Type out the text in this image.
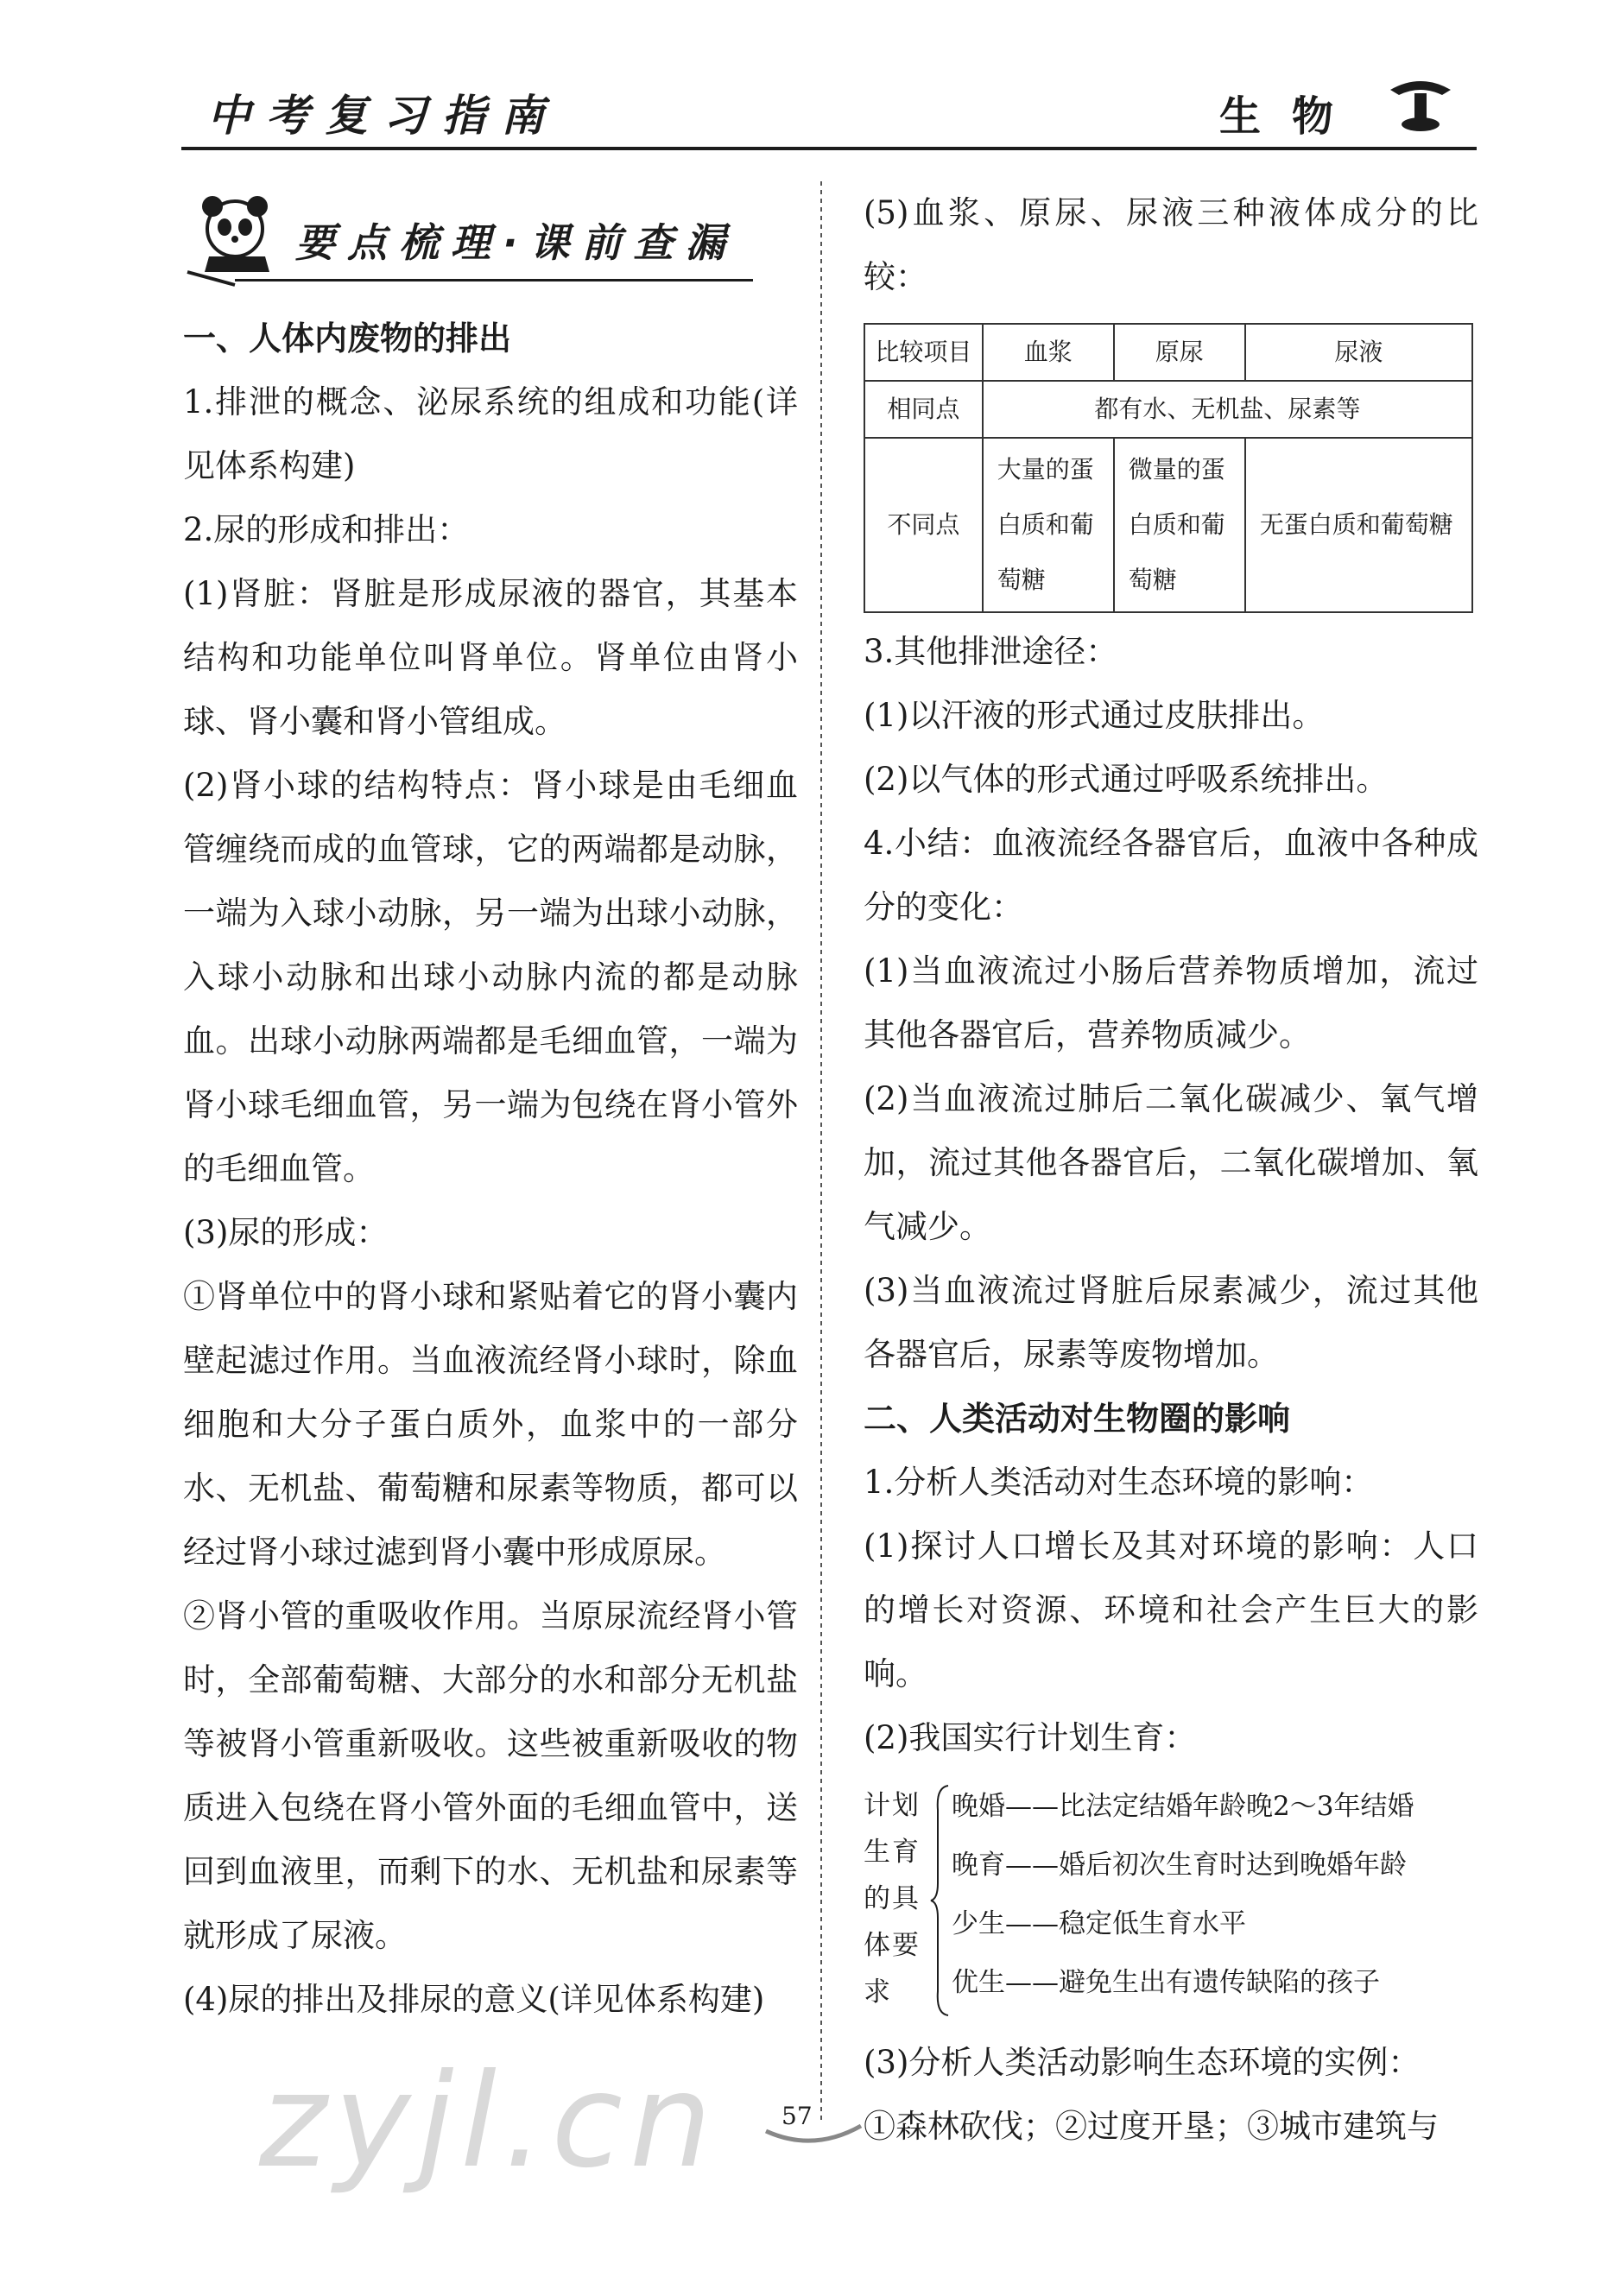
中考复习指南	生物
要点梳理·课前查漏
一、人体内废物的排出
1.排泄的概念、泌尿系统的组成和功能(详见体系构建)
2.尿的形成和排出：
(1)肾脏：肾脏是形成尿液的器官，其基本结构和功能单位叫肾单位。肾单位由肾小球、肾小囊和肾小管组成。
(2)肾小球的结构特点：肾小球是由毛细血管缠绕而成的血管球，它的两端都是动脉，一端为入球小动脉，另一端为出球小动脉，入球小动脉和出球小动脉内流的都是动脉血。出球小动脉两端都是毛细血管，一端为肾小球毛细血管，另一端为包绕在肾小管外的毛细血管。
(3)尿的形成：
①肾单位中的肾小球和紧贴着它的肾小囊内壁起滤过作用。当血液流经肾小球时，除血细胞和大分子蛋白质外，血浆中的一部分水、无机盐、葡萄糖和尿素等物质，都可以经过肾小球过滤到肾小囊中形成原尿。
②肾小管的重吸收作用。当原尿流经肾小管时，全部葡萄糖、大部分的水和部分无机盐等被肾小管重新吸收。这些被重新吸收的物质进入包绕在肾小管外面的毛细血管中，送回到血液里，而剩下的水、无机盐和尿素等就形成了尿液。
(4)尿的排出及排尿的意义(详见体系构建)
(5)血浆、原尿、尿液三种液体成分的比较：
比较项目	血浆	原尿	尿液
相同点	都有水、无机盐、尿素等		
不同点	大量的蛋白质和葡萄糖	微量的蛋白质和葡萄糖	无蛋白质和葡萄糖
3.其他排泄途径：
(1)以汗液的形式通过皮肤排出。
(2)以气体的形式通过呼吸系统排出。
4.小结：血液流经各器官后，血液中各种成分的变化：
(1)当血液流过小肠后营养物质增加，流过其他各器官后，营养物质减少。
(2)当血液流过肺后二氧化碳减少、氧气增加，流过其他各器官后，二氧化碳增加、氧气减少。
(3)当血液流过肾脏后尿素减少，流过其他各器官后，尿素等废物增加。
二、人类活动对生物圈的影响
1.分析人类活动对生态环境的影响：
(1)探讨人口增长及其对环境的影响：人口的增长对资源、环境和社会产生巨大的影响。
(2)我国实行计划生育：
计划生育的具体要求
晚婚——比法定结婚年龄晚2～3年结婚
晚育——婚后初次生育时达到晚婚年龄
少生——稳定低生育水平
优生——避免生出有遗传缺陷的孩子
(3)分析人类活动影响生态环境的实例：
①森林砍伐；②过度开垦；③城市建筑与
zyjl.cn	57
